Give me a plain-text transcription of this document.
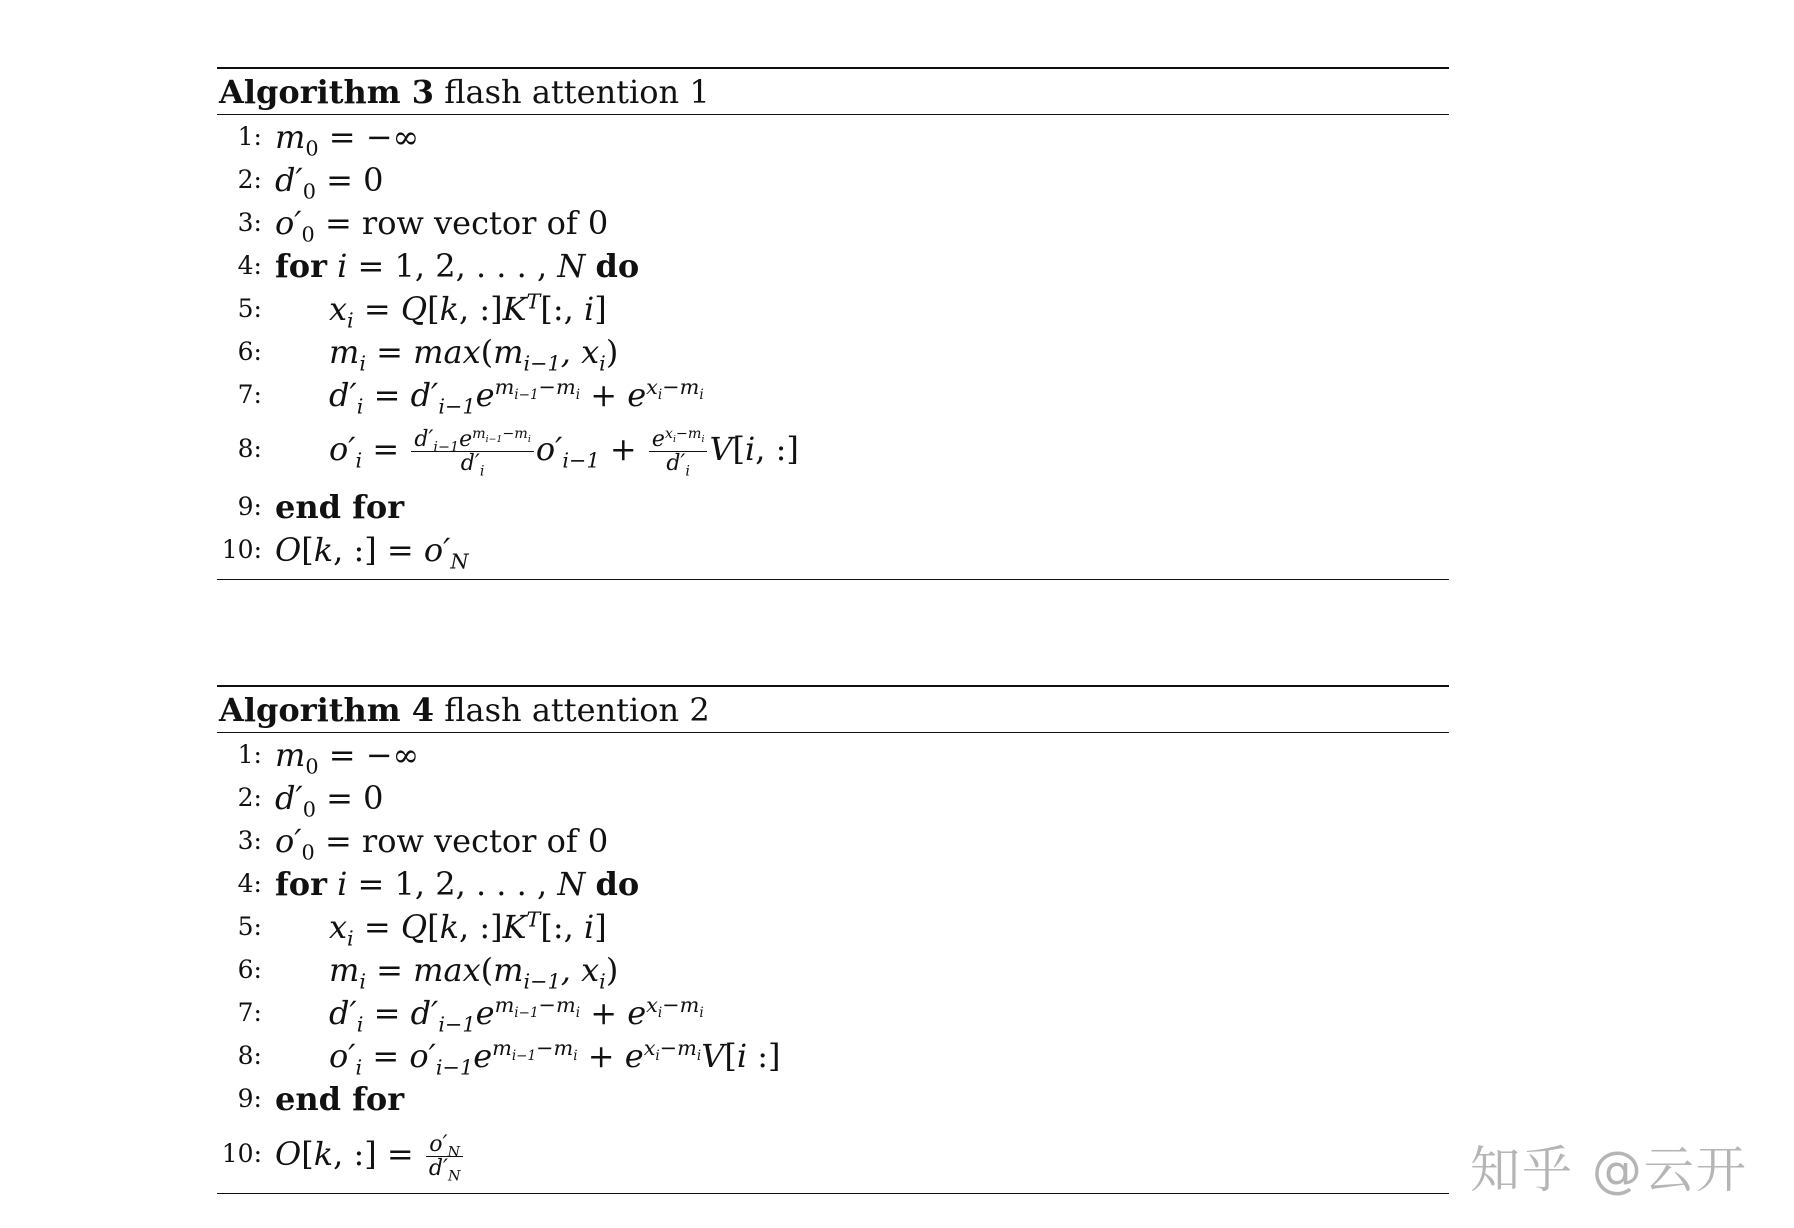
Algorithm 3 flash attention 1
1: $m_0$ = −∞
2: $d'_0 = 0$
3: $o'_0$ = row vector of 0
4: for i = 1, 2, . . . , N do
5: $x_i = Q[k$, $:]K^T$[:, i]
6: $m_i = \max(m_{i-1}$, $x_i$)
7: $d'_i = d'_{i-1}e^{m_{i-1}-m_i} + e^{x_i-m_i}$
8: $o'_i = \frac{d'_{i-1}e^{m_{i-1}-m_i}}{d'_i} o'_{i-1} + \frac{e^{x_i-m_i}}{d'_i} V[i$, :]
9: end for
10: O[k, :] = $o'_N$
Algorithm 4 flash attention 2
1: $m_0$ = −∞
2: $d'_0 = 0$
3: $o'_0$ = row vector of 0
4: for i = 1, 2, . . . , N do
5: $x_i = Q[k$, $:]K^T$[:, i]
6: $m_i = \max(m_{i-1}$, $x_i$)
7: $d'_i = d'_{i-1}e^{m_{i-1}-m_i} + e^{x_i-m_i}$
8: $o'_i = o'_{i-1}e^{m_{i-1}-m_i} + e^{x_i-m_i}V[i$ :]
9: end for
10: O[k, :] = $\frac{o'_N}{d'_N}$	知乎 @云开
